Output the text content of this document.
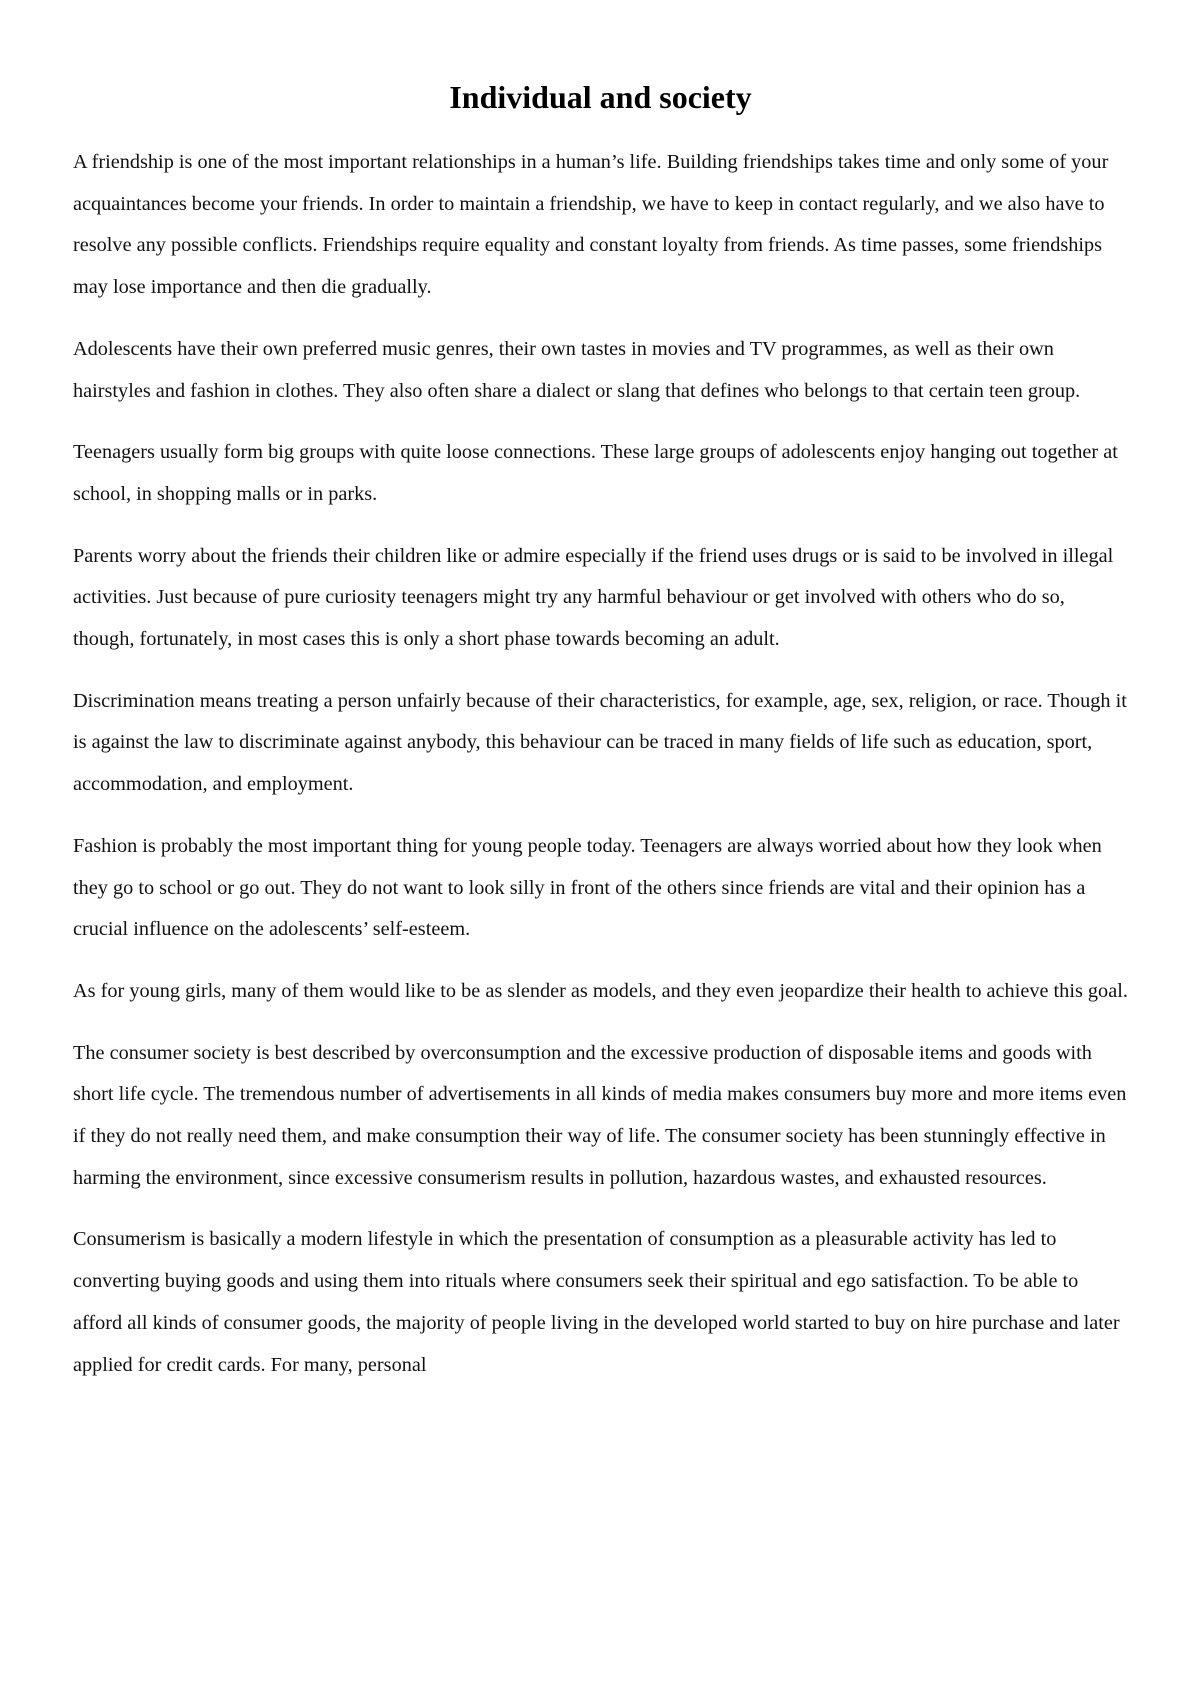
Individual and society

A friendship is one of the most important relationships in a human’s life. Building friendships takes time and only some of your acquaintances become your friends. In order to maintain a friendship, we have to keep in contact regularly, and we also have to resolve any possible conflicts. Friendships require equality and constant loyalty from friends. As time passes, some friendships may lose importance and then die gradually.

Adolescents have their own preferred music genres, their own tastes in movies and TV programmes, as well as their own hairstyles and fashion in clothes. They also often share a dialect or slang that defines who belongs to that certain teen group.

Teenagers usually form big groups with quite loose connections. These large groups of adolescents enjoy hanging out together at school, in shopping malls or in parks.

Parents worry about the friends their children like or admire especially if the friend uses drugs or is said to be involved in illegal activities. Just because of pure curiosity teenagers might try any harmful behaviour or get involved with others who do so, though, fortunately, in most cases this is only a short phase towards becoming an adult.

Discrimination means treating a person unfairly because of their characteristics, for example, age, sex, religion, or race. Though it is against the law to discriminate against anybody, this behaviour can be traced in many fields of life such as education, sport, accommodation, and employment.

Fashion is probably the most important thing for young people today. Teenagers are always worried about how they look when they go to school or go out. They do not want to look silly in front of the others since friends are vital and their opinion has a crucial influence on the adolescents’ self-esteem.

As for young girls, many of them would like to be as slender as models, and they even jeopardize their health to achieve this goal.

The consumer society is best described by overconsumption and the excessive production of disposable items and goods with short life cycle. The tremendous number of advertisements in all kinds of media makes consumers buy more and more items even if they do not really need them, and make consumption their way of life. The consumer society has been stunningly effective in harming the environment, since excessive consumerism results in pollution, hazardous wastes, and exhausted resources.

Consumerism is basically a modern lifestyle in which the presentation of consumption as a pleasurable activity has led to converting buying goods and using them into rituals where consumers seek their spiritual and ego satisfaction. To be able to afford all kinds of consumer goods, the majority of people living in the developed world started to buy on hire purchase and later applied for credit cards. For many, personal
